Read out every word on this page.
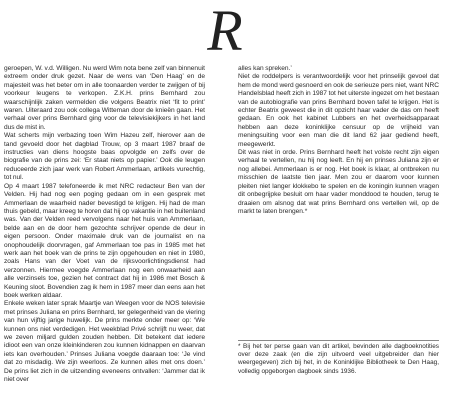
R

geroepen, W. v.d. Willigen. Nu werd Wim nota bene zelf van binnenuit extreem onder druk gezet. Naar de wens van ‘Den Haag’ en de majesteit was het beter om in alle toonaarden verder te zwijgen of bij voorkeur leugens te verkopen. Z.K.H. prins Bernhard zou waarschijnlijk zaken vermelden die volgens Beatrix niet ‘fit to print’ waren. Uiteraard zou ook collega Witteman door de knieën gaan. Het verhaal over prins Bernhard ging voor de televisiekijkers in het land dus de mist in.

Wat scherts mijn verbazing toen Wim Hazeu zelf, hierover aan de tand gevoeld door het dagblad Trouw, op 3 maart 1987 braaf de instructies van diens hoogste baas opvolgde en zelfs over de biografie van de prins zei: ‘Er staat niets op papier.’ Ook die leugen reduceerde zich jaar werk van Robert Ammerlaan, artikels vurechtig, tot nul.

Op 4 maart 1987 telefoneerde ik met NRC redacteur Ben van der Velden. Hij had nog een poging gedaan om in een gesprek met Ammerlaan de waarheid nader bevestigd te krijgen. Hij had de man thuis gebeld, maar kreeg te horen dat hij op vakantie in het buitenland was. Van der Velden reed vervolgens naar het huis van Ammerlaan, belde aan en de door hem gezochte schrijver opende de deur in eigen persoon. Onder maximale druk van de journalist en na onophoudelijk doorvragen, gaf Ammerlaan toe pas in 1985 met het werk aan het boek van de prins te zijn opgehouden en niet in 1980, zoals Hans van der Voet van de rijksvoorlichtingsdienst had verzonnen. Hiermee voegde Ammerlaan nog een onwaarheid aan alle verzinsels toe, gezien het contract dat hij in 1986 met Bosch & Keuning sloot. Bovendien zag ik hem in 1987 meer dan eens aan het boek werken aldaar.

Enkele weken later sprak Maartje van Weegen voor de NOS televisie met prinses Juliana en prins Bernhard, ter gelegenheid van de viering van hun vijftig jarige huwelijk. De prins merkte onder meer op: ‘We kunnen ons niet verdedigen. Het weekblad Privé schrijft nu weer, dat we zeven miljard gulden zouden hebben. Dit betekent dat iedere idioot een van onze kleinkinderen zou kunnen kidnappen en daarvan iets kan overhouden.’ Prinses Juliana voegde daaraan toe: ‘Je vind dat zo misdadig. We zijn weerloos. Ze kunnen alles met ons doen.’ De prins liet zich in de uitzending eveneens ontvallen: ‘Jammer dat ik niet over

alles kan spreken.’

Niet de roddelpers is verantwoordelijk voor het prinselijk gevoel dat hem de mond werd gesnoerd en ook de serieuze pers niet, want NRC Handelsblad heeft zich in 1987 tot het uiterste ingezet om het bestaan van de autobiografie van prins Bernhard boven tafel te krijgen. Het is echter Beatrix geweest die in dit opzicht haar vader de das om heeft gedaan. En ook het kabinet Lubbers en het overheidsapparaat hebben aan deze koninklijke censuur op de vrijheid van meningsuiting voor een man die dit land 62 jaar gediend heeft, meegewerkt.

Dit was niet in orde. Prins Bernhard heeft het volste recht zijn eigen verhaal te vertellen, nu hij nog leeft. En hij en prinses Juliana zijn er nog allebei. Ammerlaan is er nog. Het boek is klaar, al ontbreken nu misschien de laatste tien jaar. Men zou er daarom voor kunnen pleiten niet langer klokkebo te spelen en de koningin kunnen vragen dit onbegrijpke besluit om haar vader monddood te houden, terug te draaien om alsnog dat wat prins Bernhard ons vertellen wil, op de markt te laten brengen.*

* Bij het ter perse gaan van dit artikel, bevinden alle dagboeknotities over deze zaak (en die zijn uitvoerd veel uitgebreider dan hier weergegeven) zich bij het, in de Koninklijke Bibliotheek te Den Haag, volledig opgeborgen dagboek sinds 1936.
